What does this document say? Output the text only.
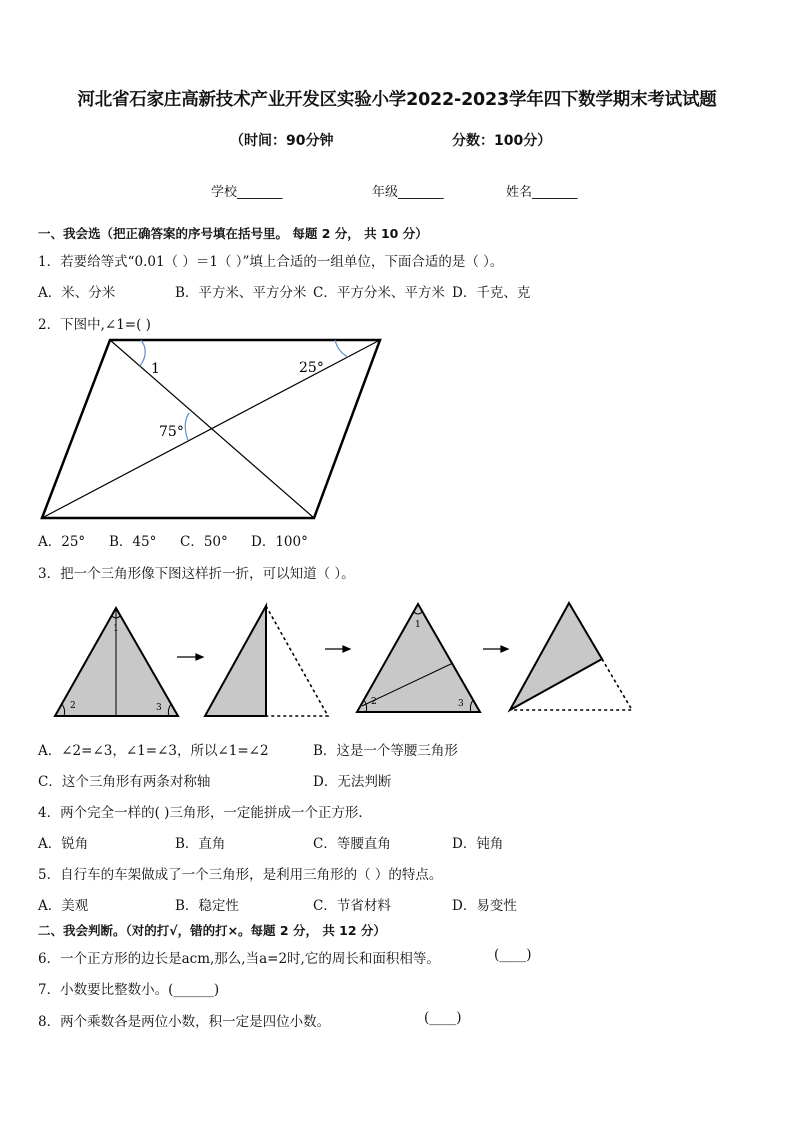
河北省石家庄高新技术产业开发区实验小学2022-2023学年四下数学期末考试试题
（时间：90分钟	分数：100分）
学校_______	年级_______	姓名_______
一、我会选（把正确答案的序号填在括号里。 每题 2 分， 共 10 分）
1．若要给等式“0.01（ ）＝1（ ）”填上合适的一组单位，下面合适的是（ ）。
A．米、分米	B．平方米、平方分米 C．平方分米、平方米 D．千克、克
2．下图中,∠1=( )
1	25°
75°
A．25° B．45° C．50° D．100°
3．把一个三角形像下图这样折一折，可以知道（ ）。
1
2	3
1
2	3
A．∠2=∠3，∠1=∠3，所以∠1=∠2	B．这是一个等腰三角形
C．这个三角形有两条对称轴	D．无法判断
4．两个完全一样的( )三角形，一定能拼成一个正方形．
A．锐角	B．直角	C．等腰直角	D．钝角
5．自行车的车架做成了一个三角形，是利用三角形的（ ）的特点。
A．美观	B．稳定性	C．节省材料	D．易变性
二、我会判断。（对的打√，错的打×。每题 2 分， 共 12 分）
6．一个正方形的边长是acm,那么,当a=2时,它的周长和面积相等。	(____)
7．小数要比整数小。(______)
8．两个乘数各是两位小数，积一定是四位小数。	(____)
